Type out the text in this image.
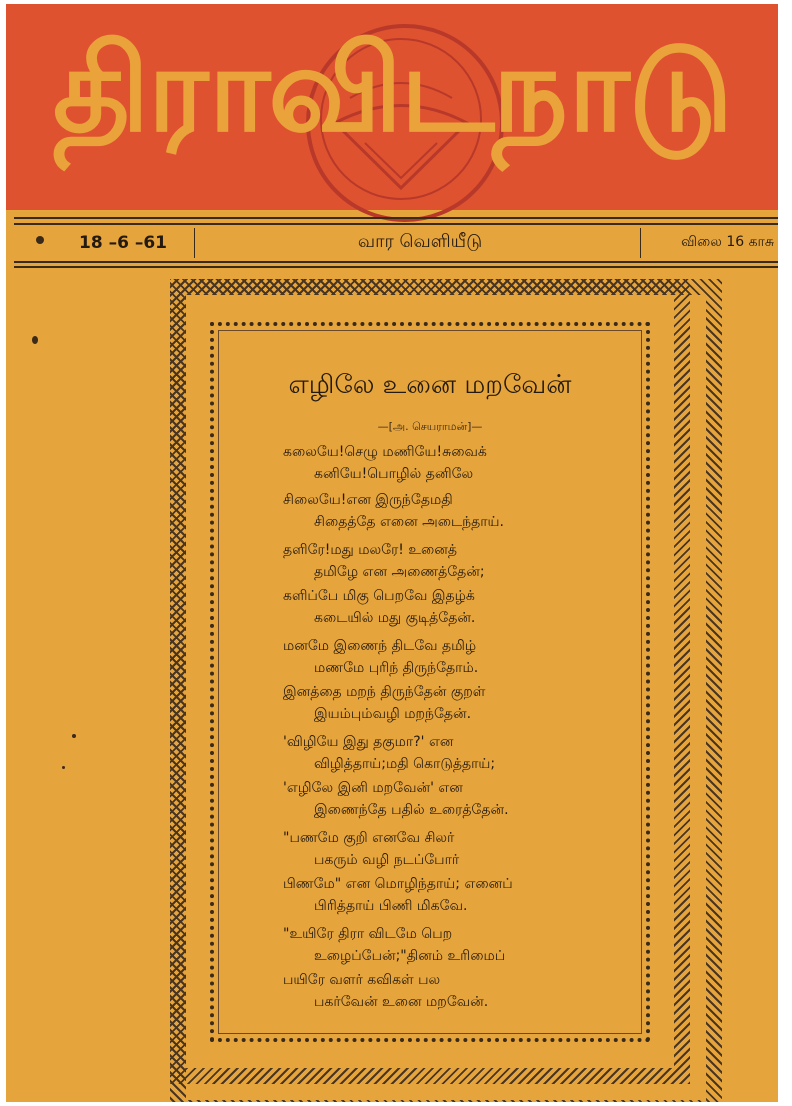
திராவிடநாடு
18 –6 –61	வார வெளியீடு	விலை 16 காசு
எழிலே உனை மறவேன்
—[அ. செயராமன்]—
கலையே!செழு மணியே!சுவைக்
கனியே!பொழில் தனிலே
சிலையே!என இருந்தேமதி
சிதைத்தே எனை அடைந்தாய்.
தளிரே!மது மலரே! உனைத்
தமிழே என அணைத்தேன்;
களிப்பே மிகு பெறவே இதழ்க்
கடையில் மது குடித்தேன்.
மனமே இணைந் திடவே தமிழ்
மணமே புரிந் திருந்தோம்.
இனத்தை மறந் திருந்தேன் குறள்
இயம்பும்வழி மறந்தேன்.
'விழியே இது தகுமா?' என
விழித்தாய்;மதி கொடுத்தாய்;
'எழிலே இனி மறவேன்' என
இணைந்தே பதில் உரைத்தேன்.
"பணமே குறி எனவே சிலர்
பகரும் வழி நடப்போர்
பிணமே" என மொழிந்தாய்; எனைப்
பிரித்தாய் பிணி மிகவே.
"உயிரே திரா விடமே பெற
உழைப்பேன்;"தினம் உரிமைப்
பயிரே வளர் கவிகள் பல
பகர்வேன் உனை மறவேன்.
